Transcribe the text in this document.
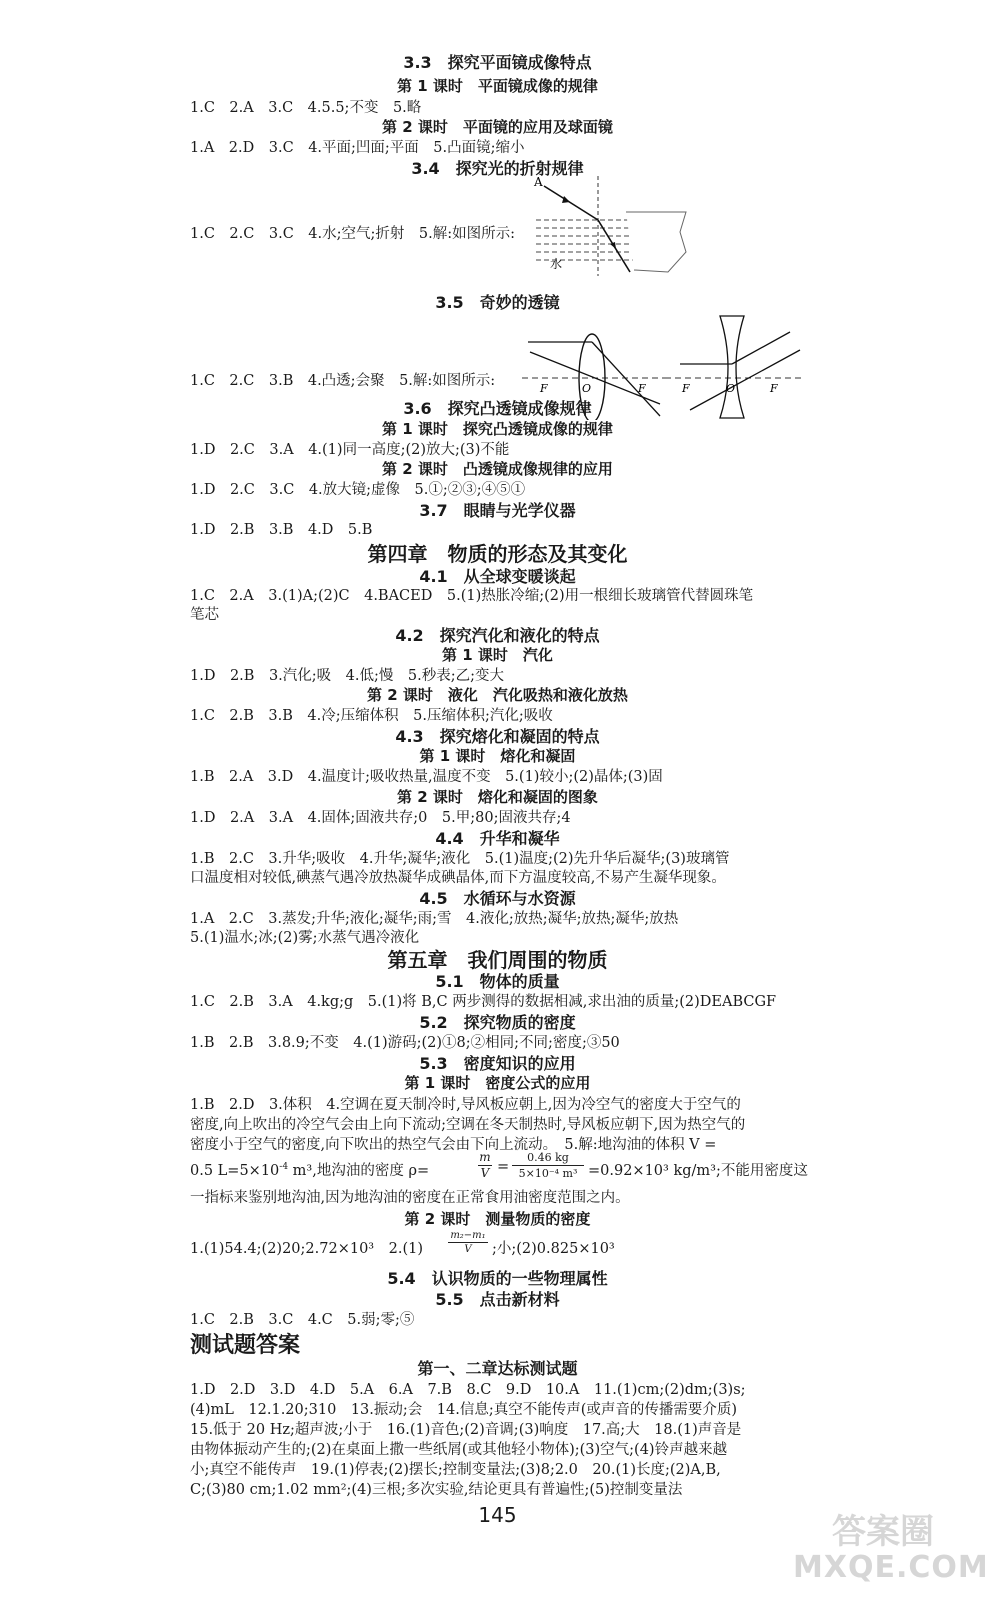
3.3　探究平面镜成像特点
第 1 课时　平面镜成像的规律
1.C　2.A　3.C　4.5.5;不变　5.略
第 2 课时　平面镜的应用及球面镜
1.A　2.D　3.C　4.平面;凹面;平面　5.凸面镜;缩小
3.4　探究光的折射规律
1.C　2.C　3.C　4.水;空气;折射　5.解:如图所示:
A
水
3.5　奇妙的透镜
1.C　2.C　3.B　4.凸透;会聚　5.解:如图所示:	F	F
O	F	F
O
3.6　探究凸透镜成像规律
第 1 课时　探究凸透镜成像的规律
1.D　2.C　3.A　4.(1)同一高度;(2)放大;(3)不能
第 2 课时　凸透镜成像规律的应用
1.D　2.C　3.C　4.放大镜;虚像　5.①;②③;④⑤①
3.7　眼睛与光学仪器
1.D　2.B　3.B　4.D　5.B
第四章　物质的形态及其变化
4.1　从全球变暖谈起
1.C　2.A　3.(1)A;(2)C　4.BACED　5.(1)热胀冷缩;(2)用一根细长玻璃管代替圆珠笔
笔芯
4.2　探究汽化和液化的特点
第 1 课时　汽化
1.D　2.B　3.汽化;吸　4.低;慢　5.秒表;乙;变大
第 2 课时　液化　汽化吸热和液化放热
1.C　2.B　3.B　4.冷;压缩体积　5.压缩体积;汽化;吸收
4.3　探究熔化和凝固的特点
第 1 课时　熔化和凝固
1.B　2.A　3.D　4.温度计;吸收热量,温度不变　5.(1)较小;(2)晶体;(3)固
第 2 课时　熔化和凝固的图象
1.D　2.A　3.A　4.固体;固液共存;0　5.甲;80;固液共存;4
4.4　升华和凝华
1.B　2.C　3.升华;吸收　4.升华;凝华;液化　5.(1)温度;(2)先升华后凝华;(3)玻璃管
口温度相对较低,碘蒸气遇冷放热凝华成碘晶体,而下方温度较高,不易产生凝华现象。
4.5　水循环与水资源
1.A　2.C　3.蒸发;升华;液化;凝华;雨;雪　4.液化;放热;凝华;放热;凝华;放热
5.(1)温水;冰;(2)雾;水蒸气遇冷液化
第五章　我们周围的物质
5.1　物体的质量
1.C　2.B　3.A　4.kg;g　5.(1)将 B,C 两步测得的数据相减,求出油的质量;(2)DEABCGF
5.2　探究物质的密度
1.B　2.B　3.8.9;不变　4.(1)游码;(2)①8;②相同;不同;密度;③50
5.3　密度知识的应用
第 1 课时　密度公式的应用
1.B　2.D　3.体积　4.空调在夏天制冷时,导风板应朝上,因为冷空气的密度大于空气的
密度,向上吹出的冷空气会由上向下流动;空调在冬天制热时,导风板应朝下,因为热空气的
密度小于空气的密度,向下吹出的热空气会由下向上流动。　5.解:地沟油的体积 V =
0.5 $L=5\times 10^{-4}$ m³,地沟油的密度 ρ=	$\frac{m}{V} = \frac{0.46 kg}{\text{5×10⁻⁴ m³}} =0.92\times 10^3$ kg/m³;不能用密度这
一指标来鉴别地沟油,因为地沟油的密度在正常食用油密度范围之内。
第 2 课时　测量物质的密度
1.(1)54.4;(2)20;2.72×10³　2.(1)	$\frac{\text{m₂−m₁}}{V}$ ;小;(2)0.825×10³
5.4　认识物质的一些物理属性
5.5　点击新材料
1.C　2.B　3.C　4.C　5.弱;零;⑤
测试题答案
第一、二章达标测试题
1.D　2.D　3.D　4.D　5.A　6.A　7.B　8.C　9.D　10.A　11.(1)cm;(2)dm;(3)s;
(4)mL　12.1.20;310　13.振动;会　14.信息;真空不能传声(或声音的传播需要介质)
15.低于 20 Hz;超声波;小于　16.(1)音色;(2)音调;(3)响度　17.高;大　18.(1)声音是
由物体振动产生的;(2)在桌面上撒一些纸屑(或其他轻小物体);(3)空气;(4)铃声越来越
小;真空不能传声　19.(1)停表;(2)摆长;控制变量法;(3)8;2.0　20.(1)长度;(2)A,B,
C;(3)80 cm;1.02 mm²;(4)三根;多次实验,结论更具有普遍性;(5)控制变量法
145	答案圈
MXQE.COM
